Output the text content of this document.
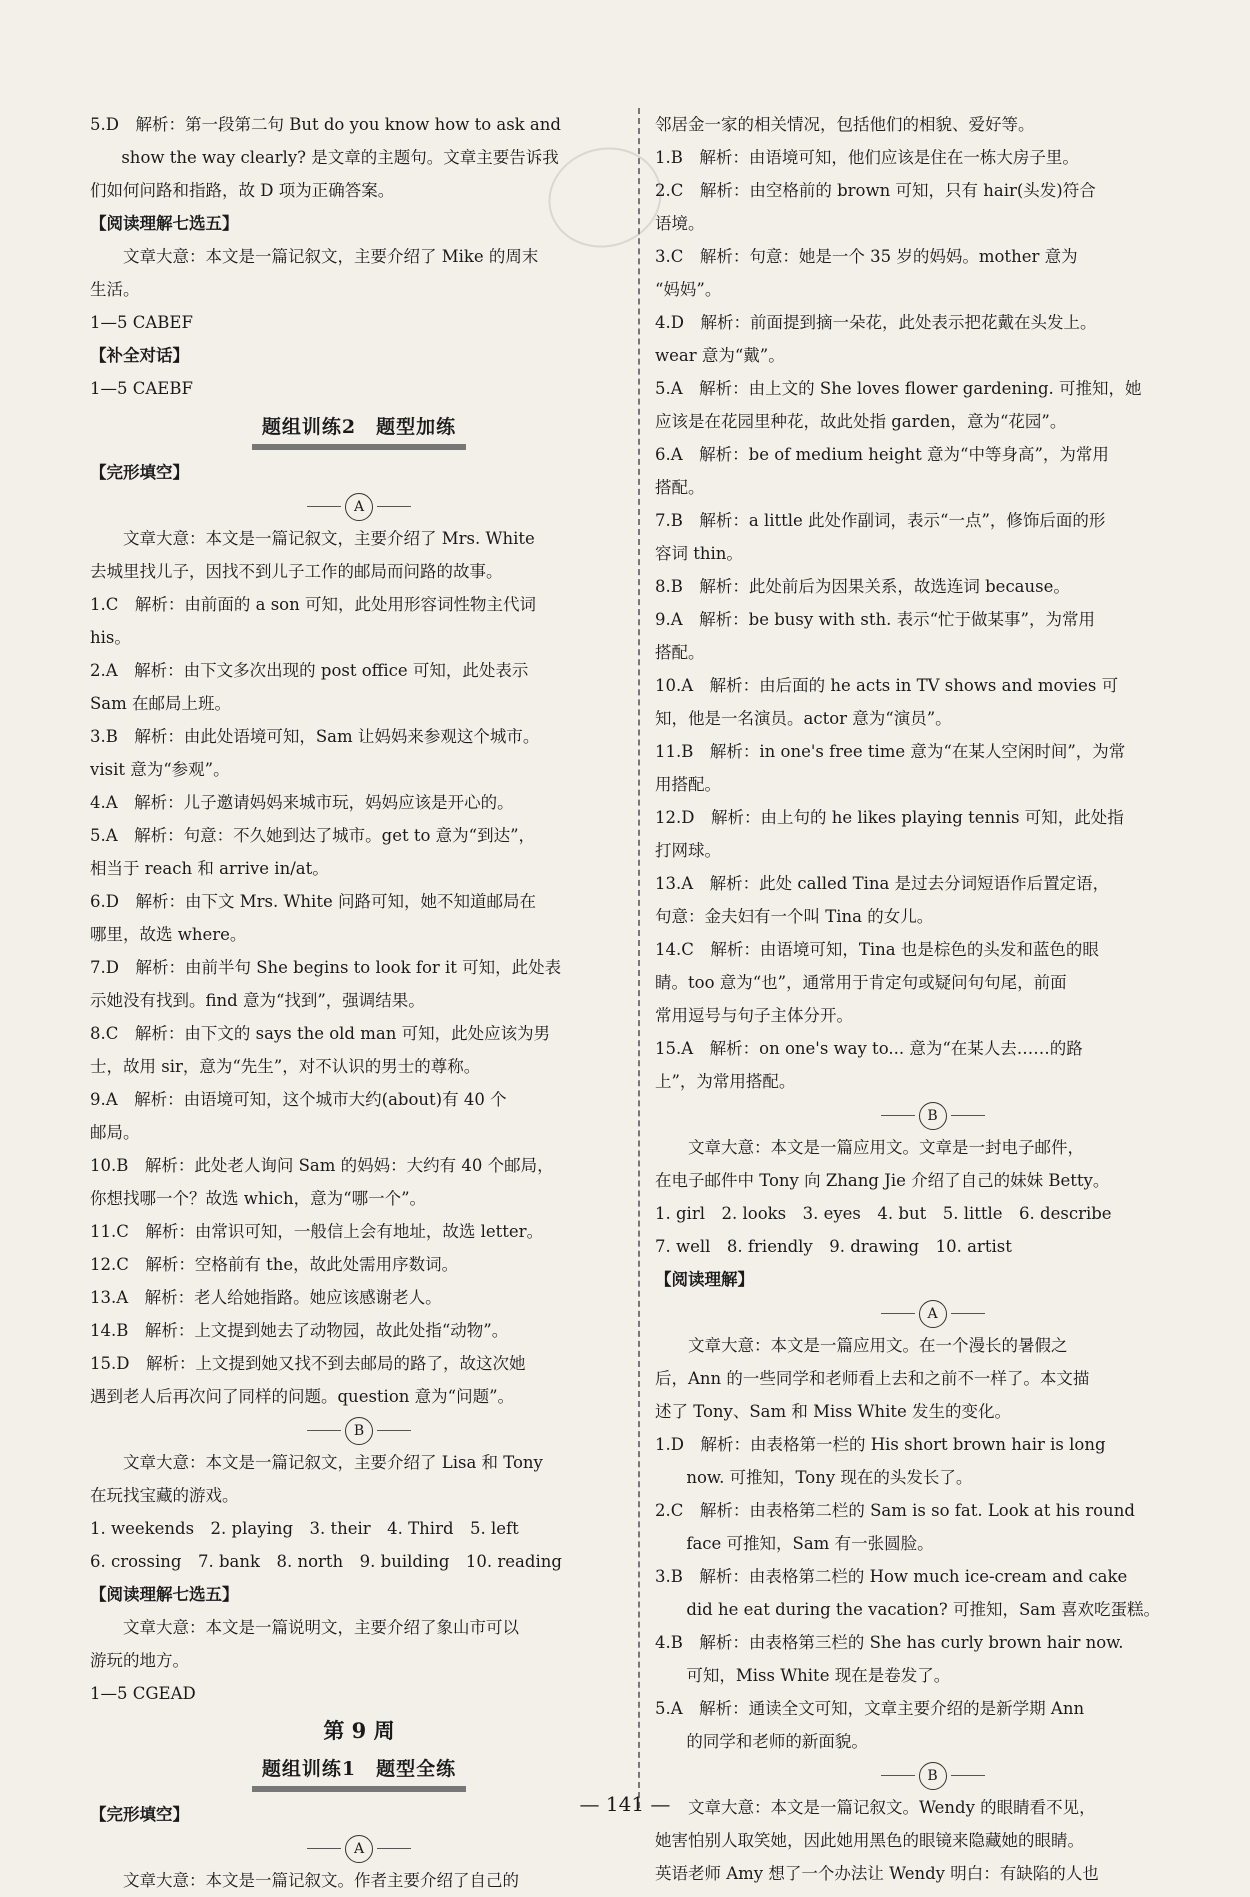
5.D　解析：第一段第二句 But do you know how to ask and
show the way clearly? 是文章的主题句。文章主要告诉我
们如何问路和指路，故 D 项为正确答案。
【阅读理解七选五】
文章大意：本文是一篇记叙文，主要介绍了 Mike 的周末
生活。
1—5 CABEF
【补全对话】
1—5 CAEBF
题组训练2　题型加练
【完形填空】
A
文章大意：本文是一篇记叙文，主要介绍了 Mrs. White
去城里找儿子，因找不到儿子工作的邮局而问路的故事。
1.C　解析：由前面的 a son 可知，此处用形容词性物主代词
his。
2.A　解析：由下文多次出现的 post office 可知，此处表示
Sam 在邮局上班。
3.B　解析：由此处语境可知，Sam 让妈妈来参观这个城市。
visit 意为“参观”。
4.A　解析：儿子邀请妈妈来城市玩，妈妈应该是开心的。
5.A　解析：句意：不久她到达了城市。get to 意为“到达”，
相当于 reach 和 arrive in/at。
6.D　解析：由下文 Mrs. White 问路可知，她不知道邮局在
哪里，故选 where。
7.D　解析：由前半句 She begins to look for it 可知，此处表
示她没有找到。find 意为“找到”，强调结果。
8.C　解析：由下文的 says the old man 可知，此处应该为男
士，故用 sir，意为“先生”，对不认识的男士的尊称。
9.A　解析：由语境可知，这个城市大约(about)有 40 个
邮局。
10.B　解析：此处老人询问 Sam 的妈妈：大约有 40 个邮局，
你想找哪一个？故选 which，意为“哪一个”。
11.C　解析：由常识可知，一般信上会有地址，故选 letter。
12.C　解析：空格前有 the，故此处需用序数词。
13.A　解析：老人给她指路。她应该感谢老人。
14.B　解析：上文提到她去了动物园，故此处指“动物”。
15.D　解析：上文提到她又找不到去邮局的路了，故这次她
遇到老人后再次问了同样的问题。question 意为“问题”。
B
文章大意：本文是一篇记叙文，主要介绍了 Lisa 和 Tony
在玩找宝藏的游戏。
1. weekends　2. playing　3. their　4. Third　5. left
6. crossing　7. bank　8. north　9. building　10. reading
【阅读理解七选五】
文章大意：本文是一篇说明文，主要介绍了象山市可以
游玩的地方。
1—5 CGEAD
第 9 周
题组训练1　题型全练
【完形填空】
A
文章大意：本文是一篇记叙文。作者主要介绍了自己的
邻居金一家的相关情况，包括他们的相貌、爱好等。
1.B　解析：由语境可知，他们应该是住在一栋大房子里。
2.C　解析：由空格前的 brown 可知，只有 hair(头发)符合
语境。
3.C　解析：句意：她是一个 35 岁的妈妈。mother 意为
“妈妈”。
4.D　解析：前面提到摘一朵花，此处表示把花戴在头发上。
wear 意为“戴”。
5.A　解析：由上文的 She loves flower gardening. 可推知，她
应该是在花园里种花，故此处指 garden，意为“花园”。
6.A　解析：be of medium height 意为“中等身高”，为常用
搭配。
7.B　解析：a little 此处作副词，表示“一点”，修饰后面的形
容词 thin。
8.B　解析：此处前后为因果关系，故选连词 because。
9.A　解析：be busy with sth. 表示“忙于做某事”，为常用
搭配。
10.A　解析：由后面的 he acts in TV shows and movies 可
知，他是一名演员。actor 意为“演员”。
11.B　解析：in one's free time 意为“在某人空闲时间”，为常
用搭配。
12.D　解析：由上句的 he likes playing tennis 可知，此处指
打网球。
13.A　解析：此处 called Tina 是过去分词短语作后置定语，
句意：金夫妇有一个叫 Tina 的女儿。
14.C　解析：由语境可知，Tina 也是棕色的头发和蓝色的眼
睛。too 意为“也”，通常用于肯定句或疑问句句尾，前面
常用逗号与句子主体分开。
15.A　解析：on one's way to... 意为“在某人去……的路
上”，为常用搭配。
B
文章大意：本文是一篇应用文。文章是一封电子邮件，
在电子邮件中 Tony 向 Zhang Jie 介绍了自己的妹妹 Betty。
1. girl　2. looks　3. eyes　4. but　5. little　6. describe
7. well　8. friendly　9. drawing　10. artist
【阅读理解】
A
文章大意：本文是一篇应用文。在一个漫长的暑假之
后，Ann 的一些同学和老师看上去和之前不一样了。本文描
述了 Tony、Sam 和 Miss White 发生的变化。
1.D　解析：由表格第一栏的 His short brown hair is long
now. 可推知，Tony 现在的头发长了。
2.C　解析：由表格第二栏的 Sam is so fat. Look at his round
face 可推知，Sam 有一张圆脸。
3.B　解析：由表格第二栏的 How much ice-cream and cake
did he eat during the vacation? 可推知，Sam 喜欢吃蛋糕。
4.B　解析：由表格第三栏的 She has curly brown hair now.
可知，Miss White 现在是卷发了。
5.A　解析：通读全文可知，文章主要介绍的是新学期 Ann
的同学和老师的新面貌。
B
文章大意：本文是一篇记叙文。Wendy 的眼睛看不见，
她害怕别人取笑她，因此她用黑色的眼镜来隐藏她的眼睛。
英语老师 Amy 想了一个办法让 Wendy 明白：有缺陷的人也
— 141 —
